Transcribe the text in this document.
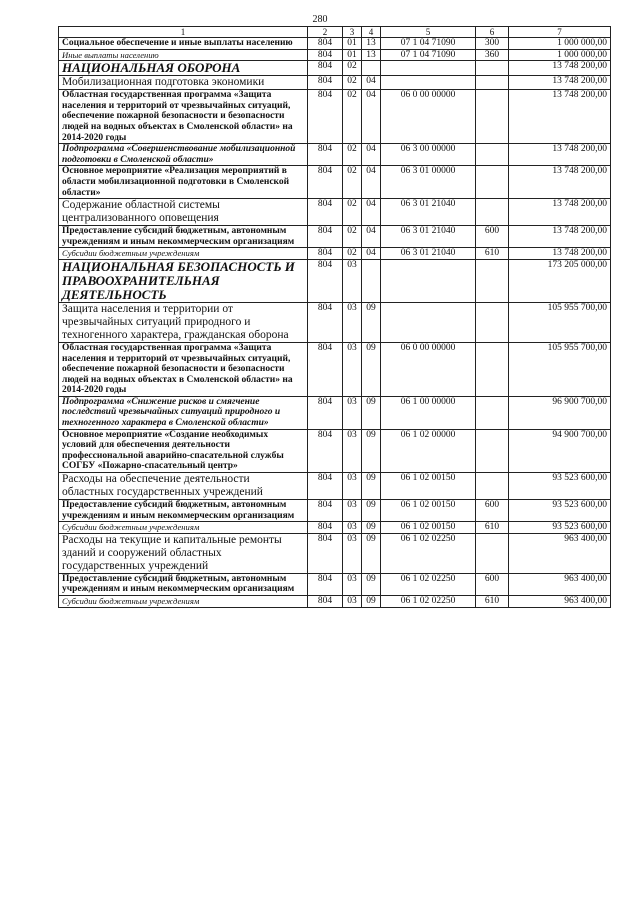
280
1	2	3	4	5	6	7
Социальное обеспечение и иные выплаты населению	804	01	13	07 1 04 71090	300	1 000 000,00
Иные выплаты населению	804	01	13	07 1 04 71090	360	1 000 000,00
НАЦИОНАЛЬНАЯ ОБОРОНА	804	02				13 748 200,00
Мобилизационная подготовка экономики	804	02	04			13 748 200,00
Областная государственная программа «Защита населения и территорий от чрезвычайных ситуаций, обеспечение пожарной безопасности и безопасности людей на водных объектах в Смоленской области» на 2014-2020 годы	804	02	04	06 0 00 00000		13 748 200,00
Подпрограмма «Совершенствование мобилизационной подготовки в Смоленской области»	804	02	04	06 3 00 00000		13 748 200,00
Основное мероприятие «Реализация мероприятий в области мобилизационной подготовки в Смоленской области»	804	02	04	06 3 01 00000		13 748 200,00
Содержание областной системы централизованного оповещения	804	02	04	06 3 01 21040		13 748 200,00
Предоставление субсидий бюджетным, автономным учреждениям и иным некоммерческим организациям	804	02	04	06 3 01 21040	600	13 748 200,00
Субсидии бюджетным учреждениям	804	02	04	06 3 01 21040	610	13 748 200,00
НАЦИОНАЛЬНАЯ БЕЗОПАСНОСТЬ И ПРАВООХРАНИТЕЛЬНАЯ ДЕЯТЕЛЬНОСТЬ	804	03				173 205 000,00
Защита населения и территории от чрезвычайных ситуаций природного и техногенного характера, гражданская оборона	804	03	09			105 955 700,00
Областная государственная программа «Защита населения и территорий от чрезвычайных ситуаций, обеспечение пожарной безопасности и безопасности людей на водных объектах в Смоленской области» на 2014-2020 годы	804	03	09	06 0 00 00000		105 955 700,00
Подпрограмма «Снижение рисков и смягчение последствий чрезвычайных ситуаций природного и техногенного характера в Смоленской области»	804	03	09	06 1 00 00000		96 900 700,00
Основное мероприятие «Создание необходимых условий для обеспечения деятельности профессиональной аварийно-спасательной службы СОГБУ «Пожарно-спасательный центр»	804	03	09	06 1 02 00000		94 900 700,00
Расходы на обеспечение деятельности областных государственных учреждений	804	03	09	06 1 02 00150		93 523 600,00
Предоставление субсидий бюджетным, автономным учреждениям и иным некоммерческим организациям	804	03	09	06 1 02 00150	600	93 523 600,00
Субсидии бюджетным учреждениям	804	03	09	06 1 02 00150	610	93 523 600,00
Расходы на текущие и капитальные ремонты зданий и сооружений областных государственных учреждений	804	03	09	06 1 02 02250		963 400,00
Предоставление субсидий бюджетным, автономным учреждениям и иным некоммерческим организациям	804	03	09	06 1 02 02250	600	963 400,00
Субсидии бюджетным учреждениям	804	03	09	06 1 02 02250	610	963 400,00
